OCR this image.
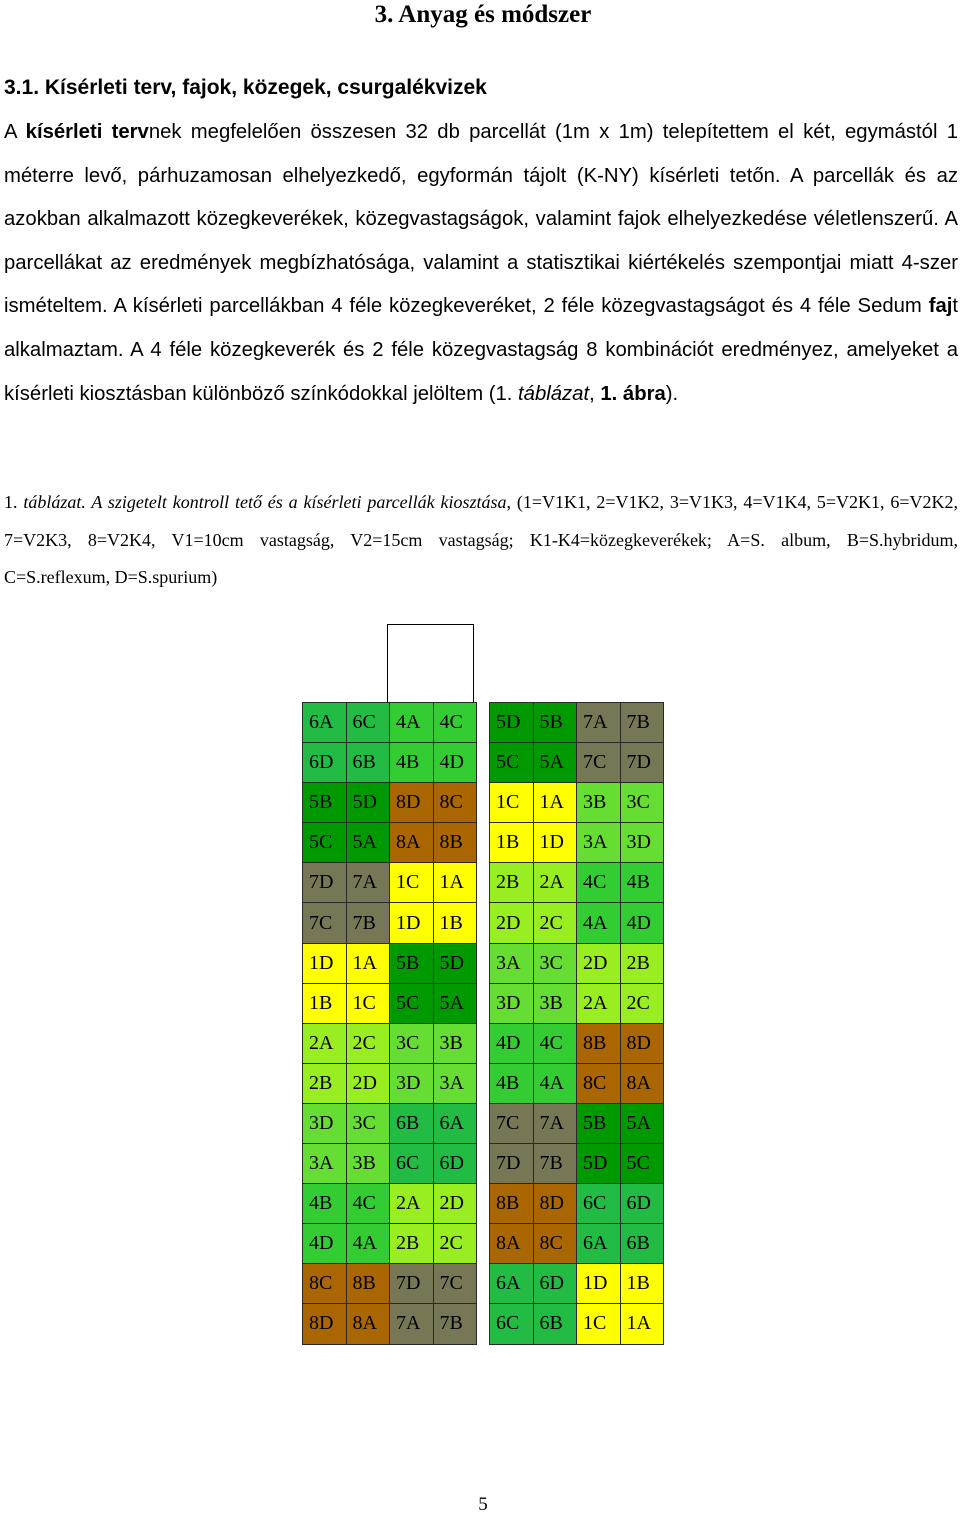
3. Anyag és módszer
3.1. Kísérleti terv, fajok, közegek, csurgalékvizek

A kísérleti tervnek megfelelően összesen 32 db parcellát (1m x 1m) telepítettem el két, egymástól 1 méterre levő, párhuzamosan elhelyezkedő, egyformán tájolt (K-NY) kísérleti tetőn. A parcellák és az azokban alkalmazott közegkeverékek, közegvastagságok, valamint fajok elhelyezkedése véletlenszerű. A parcellákat az eredmények megbízhatósága, valamint a statisztikai kiértékelés szempontjai miatt 4-szer ismételtem. A kísérleti parcellákban 4 féle közegkeveréket, 2 féle közegvastagságot és 4 féle Sedum fajt alkalmaztam. A 4 féle közegkeverék és 2 féle közegvastagság 8 kombinációt eredményez, amelyeket a kísérleti kiosztásban különböző színkódokkal jelöltem (1. táblázat, 1. ábra).

1. táblázat. A szigetelt kontroll tető és a kísérleti parcellák kiosztása, (1=V1K1, 2=V1K2, 3=V1K3, 4=V1K4, 5=V2K1, 6=V2K2, 7=V2K3, 8=V2K4, V1=10cm vastagság, V2=15cm vastagság; K1-K4=közegkeverékek; A=S. album, B=S.hybridum, C=S.reflexum, D=S.spurium)

6A	6C	4A	4C
6D	6B	4B	4D
5B	5D	8D	8C
5C	5A	8A	8B
7D	7A	1C	1A
7C	7B	1D	1B
1D	1A	5B	5D
1B	1C	5C	5A
2A	2C	3C	3B
2B	2D	3D	3A
3D	3C	6B	6A
3A	3B	6C	6D
4B	4C	2A	2D
4D	4A	2B	2C
8C	8B	7D	7C
8D	8A	7A	7B
5D	5B	7A	7B
5C	5A	7C	7D
1C	1A	3B	3C
1B	1D	3A	3D
2B	2A	4C	4B
2D	2C	4A	4D
3A	3C	2D	2B
3D	3B	2A	2C
4D	4C	8B	8D
4B	4A	8C	8A
7C	7A	5B	5A
7D	7B	5D	5C
8B	8D	6C	6D
8A	8C	6A	6B
6A	6D	1D	1B
6C	6B	1C	1A
5
